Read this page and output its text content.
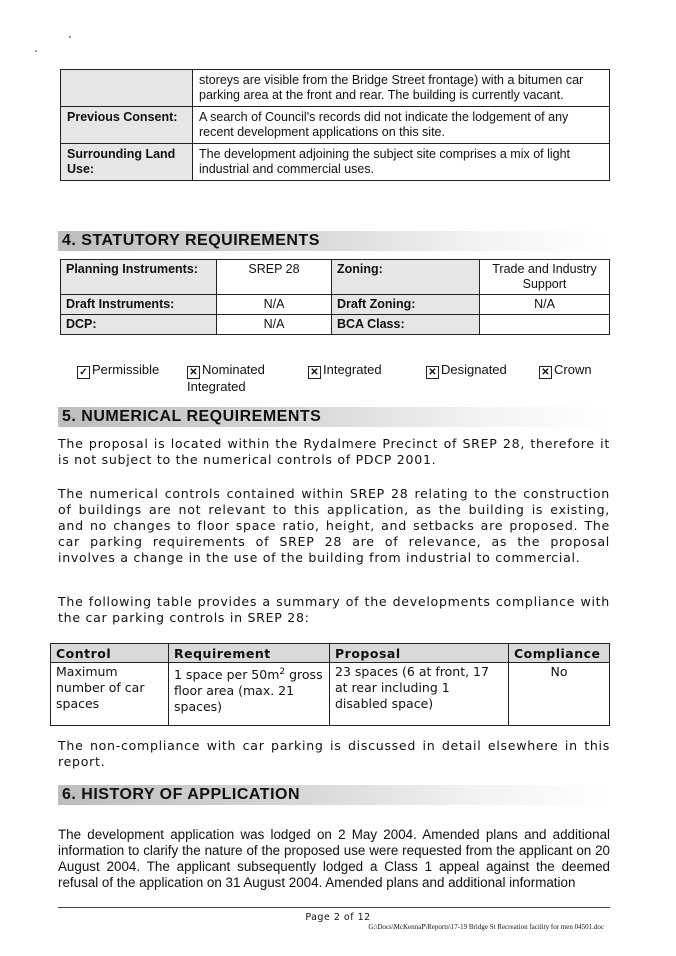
	storeys are visible from the Bridge Street frontage) with a bitumen car parking area at the front and rear. The building is currently vacant.
Previous Consent:	A search of Council's records did not indicate the lodgement of any recent development applications on this site.
Surrounding Land Use:	The development adjoining the subject site comprises a mix of light industrial and commercial uses.
4. STATUTORY REQUIREMENTS
Planning Instruments:	SREP 28	Zoning:	Trade and Industry Support
Draft Instruments:	N/A	Draft Zoning:	N/A
DCP:	N/A	BCA Class:	
✓ Permissible	✕ Nominated Integrated
✕ Integrated	✕ Designated	✕ Crown
5. NUMERICAL REQUIREMENTS
The proposal is located within the Rydalmere Precinct of SREP 28, therefore it is not subject to the numerical controls of PDCP 2001.
The numerical controls contained within SREP 28 relating to the construction of buildings are not relevant to this application, as the building is existing, and no changes to floor space ratio, height, and setbacks are proposed. The car parking requirements of SREP 28 are of relevance, as the proposal involves a change in the use of the building from industrial to commercial.
The following table provides a summary of the developments compliance with the car parking controls in SREP 28:
Control	Requirement	Proposal	Compliance
Maximum number of car spaces	1 space per $50m^2$ gross floor area (max. 21 spaces)	23 spaces (6 at front, 17 at rear including 1 disabled space)	No
The non-compliance with car parking is discussed in detail elsewhere in this report.
6. HISTORY OF APPLICATION
The development application was lodged on 2 May 2004. Amended plans and additional information to clarify the nature of the proposed use were requested from the applicant on 20 August 2004. The applicant subsequently lodged a Class 1 appeal against the deemed refusal of the application on 31 August 2004. Amended plans and additional information
Page 2 of 12
G:\Docs\McKennaP\Reports\17-19 Bridge St Recreation facility for men 04501.doc
